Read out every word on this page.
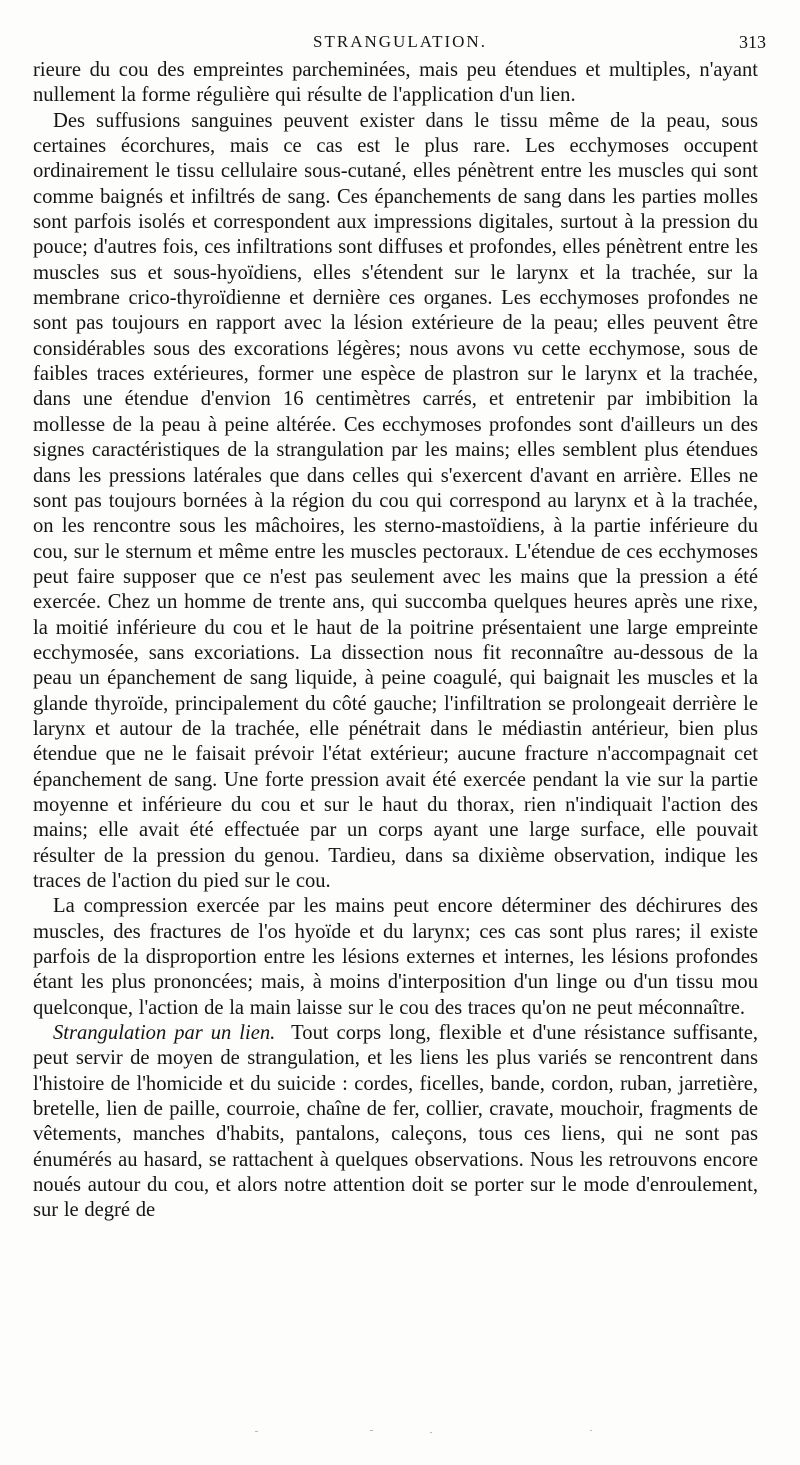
STRANGULATION.	313

rieure du cou des empreintes parcheminées, mais peu étendues et multiples, n'ayant nullement la forme régulière qui résulte de l'application d'un lien.

Des suffusions sanguines peuvent exister dans le tissu même de la peau, sous certaines écorchures, mais ce cas est le plus rare. Les ecchymoses occupent ordinairement le tissu cellulaire sous-cutané, elles pénètrent entre les muscles qui sont comme baignés et infiltrés de sang. Ces épanchements de sang dans les parties molles sont parfois isolés et correspondent aux impressions digitales, surtout à la pression du pouce; d'autres fois, ces infiltrations sont diffuses et profondes, elles pénètrent entre les muscles sus et sous-hyoïdiens, elles s'étendent sur le larynx et la trachée, sur la membrane crico-thyroïdienne et dernière ces organes. Les ecchymoses profondes ne sont pas toujours en rapport avec la lésion extérieure de la peau; elles peuvent être considérables sous des excorations légères; nous avons vu cette ecchymose, sous de faibles traces extérieures, former une espèce de plastron sur le larynx et la trachée, dans une étendue d'envion 16 centimètres carrés, et entretenir par imbibition la mollesse de la peau à peine altérée. Ces ecchymoses profondes sont d'ailleurs un des signes caractéristiques de la strangulation par les mains; elles semblent plus étendues dans les pressions latérales que dans celles qui s'exercent d'avant en arrière. Elles ne sont pas toujours bornées à la région du cou qui correspond au larynx et à la trachée, on les rencontre sous les mâchoires, les sterno-mastoïdiens, à la partie inférieure du cou, sur le sternum et même entre les muscles pectoraux. L'étendue de ces ecchymoses peut faire supposer que ce n'est pas seulement avec les mains que la pression a été exercée. Chez un homme de trente ans, qui succomba quelques heures après une rixe, la moitié inférieure du cou et le haut de la poitrine présentaient une large empreinte ecchymosée, sans excoriations. La dissection nous fit reconnaître au-dessous de la peau un épanchement de sang liquide, à peine coagulé, qui baignait les muscles et la glande thyroïde, principalement du côté gauche; l'infiltration se prolongeait derrière le larynx et autour de la trachée, elle pénétrait dans le médiastin antérieur, bien plus étendue que ne le faisait prévoir l'état extérieur; aucune fracture n'accompagnait cet épanchement de sang. Une forte pression avait été exercée pendant la vie sur la partie moyenne et inférieure du cou et sur le haut du thorax, rien n'indiquait l'action des mains; elle avait été effectuée par un corps ayant une large surface, elle pouvait résulter de la pression du genou. Tardieu, dans sa dixième observation, indique les traces de l'action du pied sur le cou.

La compression exercée par les mains peut encore déterminer des déchirures des muscles, des fractures de l'os hyoïde et du larynx; ces cas sont plus rares; il existe parfois de la disproportion entre les lésions externes et internes, les lésions profondes étant les plus prononcées; mais, à moins d'interposition d'un linge ou d'un tissu mou quelconque, l'action de la main laisse sur le cou des traces qu'on ne peut méconnaître.

Strangulation par un lien. Tout corps long, flexible et d'une résistance suffisante, peut servir de moyen de strangulation, et les liens les plus variés se rencontrent dans l'histoire de l'homicide et du suicide : cordes, ficelles, bande, cordon, ruban, jarretière, bretelle, lien de paille, courroie, chaîne de fer, collier, cravate, mouchoir, fragments de vêtements, manches d'habits, pantalons, caleçons, tous ces liens, qui ne sont pas énumérés au hasard, se rattachent à quelques observations. Nous les retrouvons encore noués autour du cou, et alors notre attention doit se porter sur le mode d'enroulement, sur le degré de
